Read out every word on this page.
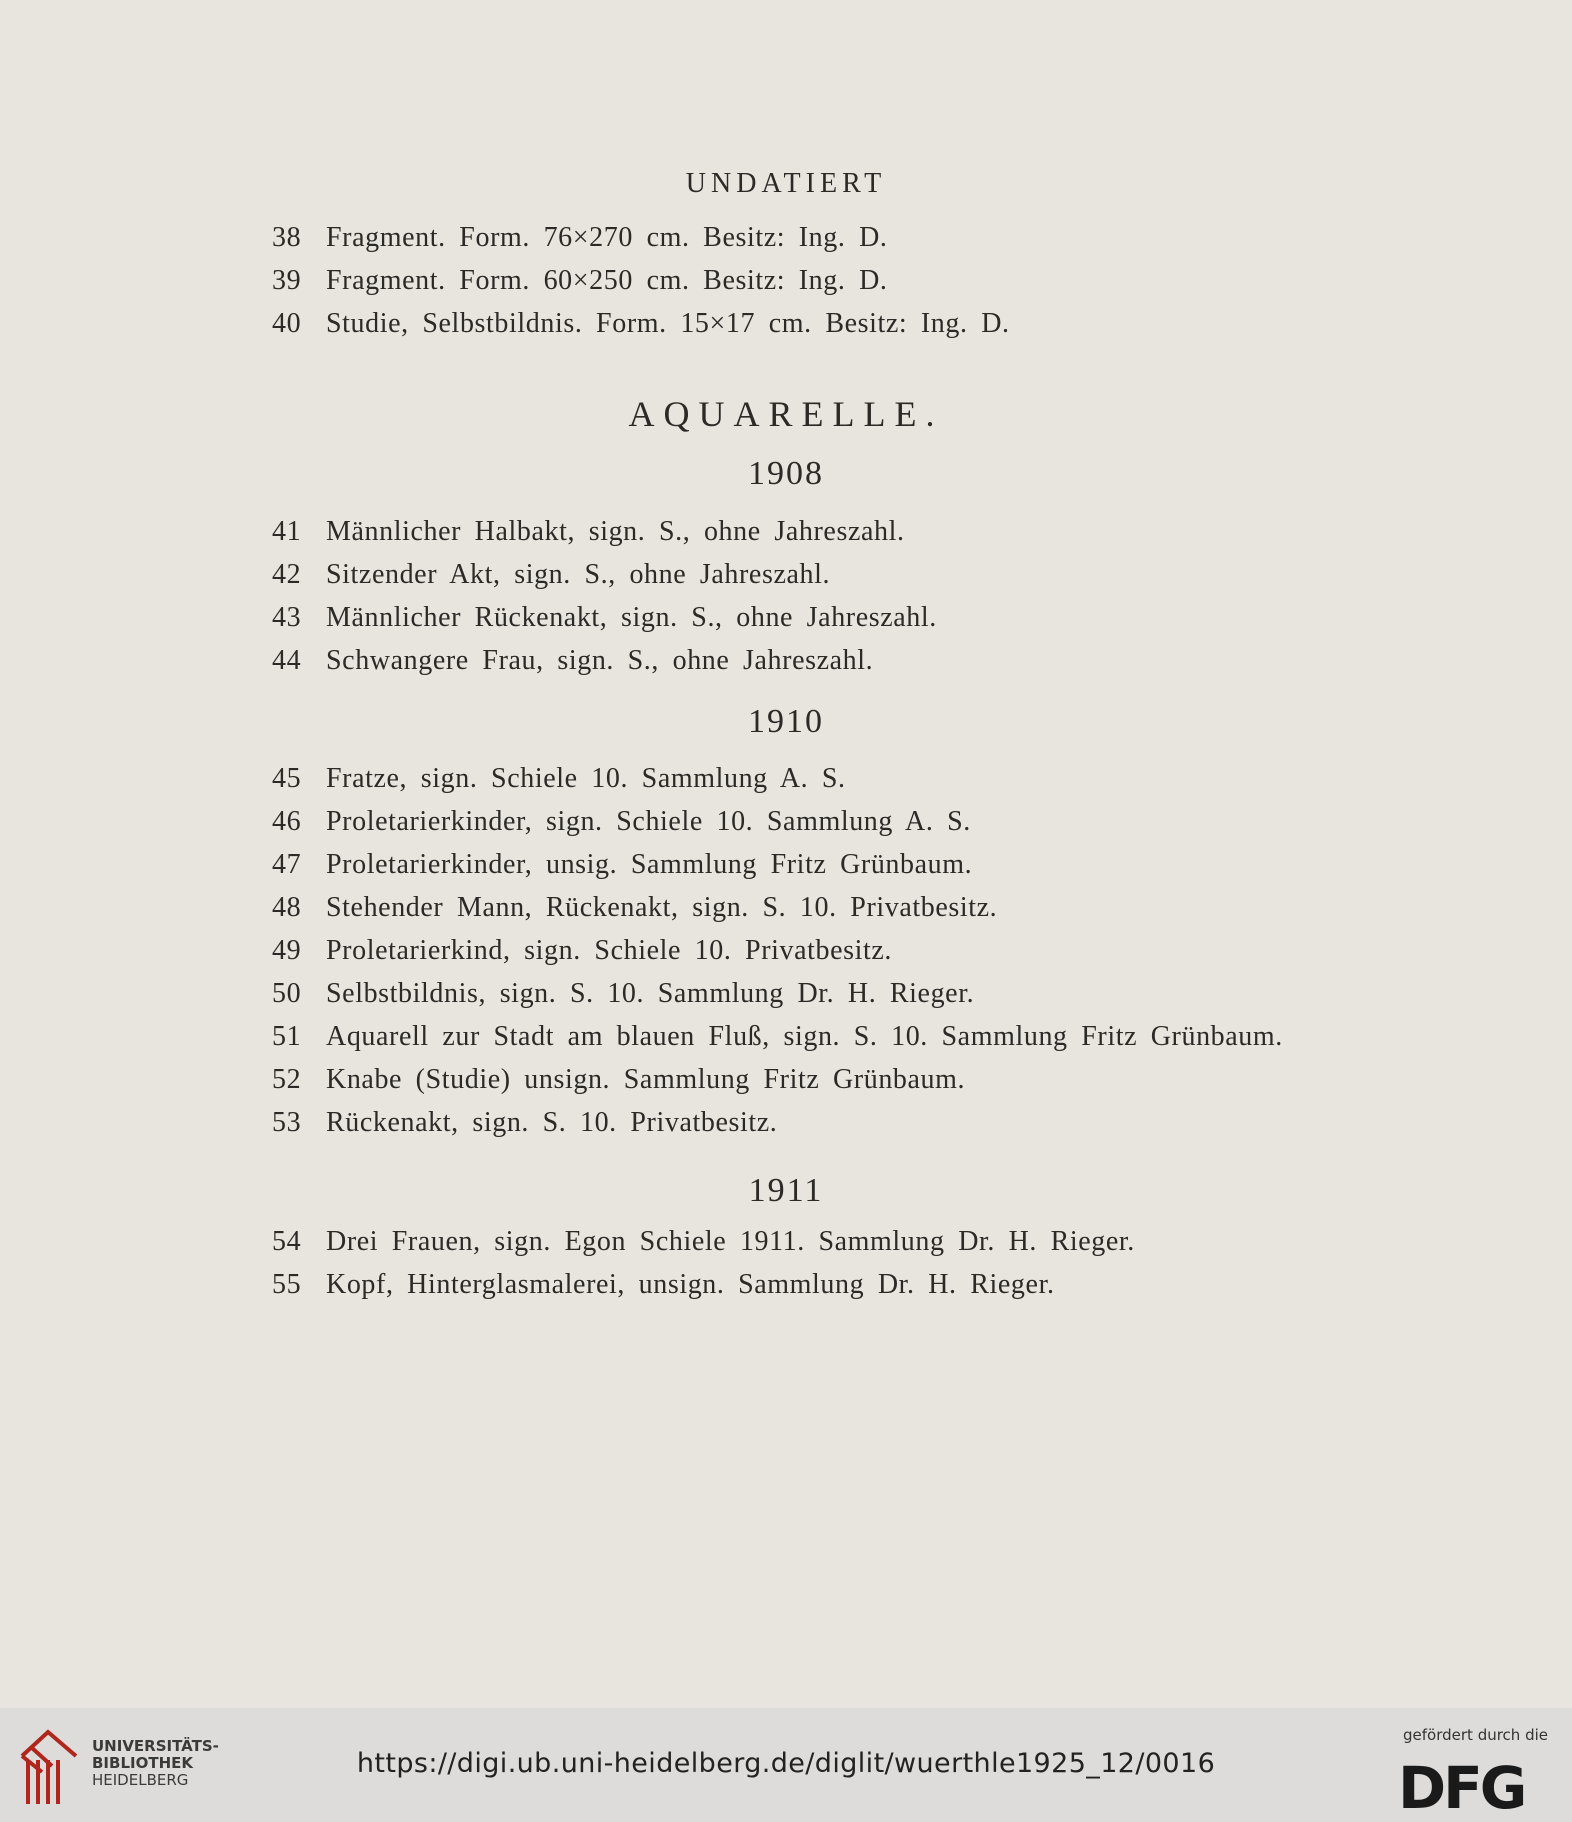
UNDATIERT
38 Fragment. Form. 76×270 cm. Besitz: Ing. D.
39 Fragment. Form. 60×250 cm. Besitz: Ing. D.
40 Studie, Selbstbildnis. Form. 15×17 cm. Besitz: Ing. D.
AQUARELLE.
1908
41 Männlicher Halbakt, sign. S., ohne Jahreszahl.
42 Sitzender Akt, sign. S., ohne Jahreszahl.
43 Männlicher Rückenakt, sign. S., ohne Jahreszahl.
44 Schwangere Frau, sign. S., ohne Jahreszahl.
1910
45 Fratze, sign. Schiele 10. Sammlung A. S.
46 Proletarierkinder, sign. Schiele 10. Sammlung A. S.
47 Proletarierkinder, unsig. Sammlung Fritz Grünbaum.
48 Stehender Mann, Rückenakt, sign. S. 10. Privatbesitz.
49 Proletarierkind, sign. Schiele 10. Privatbesitz.
50 Selbstbildnis, sign. S. 10. Sammlung Dr. H. Rieger.
51 Aquarell zur Stadt am blauen Fluß, sign. S. 10. Sammlung Fritz Grünbaum.
52 Knabe (Studie) unsign. Sammlung Fritz Grünbaum.
53 Rückenakt, sign. S. 10. Privatbesitz.
1911
54 Drei Frauen, sign. Egon Schiele 1911. Sammlung Dr. H. Rieger.
55 Kopf, Hinterglasmalerei, unsign. Sammlung Dr. H. Rieger.
UNIVERSITÄTS-
BIBLIOTHEK
HEIDELBERG
https://digi.ub.uni-heidelberg.de/diglit/wuerthle1925_12/0016
gefördert durch die
DFG
